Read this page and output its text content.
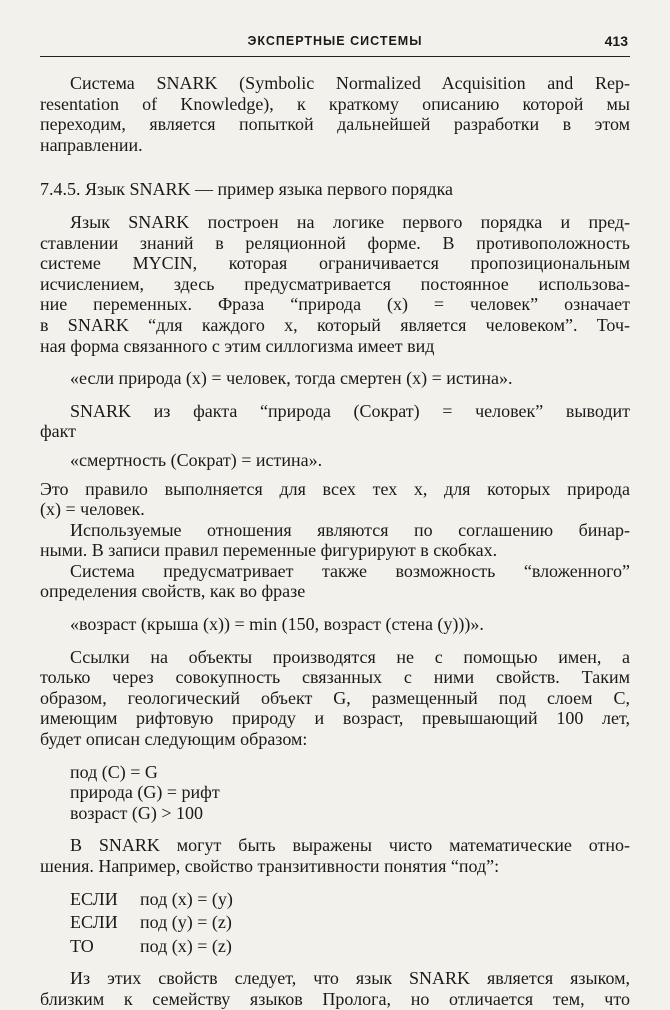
ЭКСПЕРТНЫЕ СИСТЕМЫ	413
Система SNARK (Symbolic Normalized Acquisition and Rep-
resentation of Knowledge), к краткому описанию которой мы
переходим, является попыткой дальнейшей разработки в этом
направлении.
7.4.5. Язык SNARK — пример языка первого порядка
Язык SNARK построен на логике первого порядка и пред-
ставлении знаний в реляционной форме. В противоположность
системе MYCIN, которая ограничивается пропозициональным
исчислением, здесь предусматривается постоянное использова-
ние переменных. Фраза “природа (x) = человек” означает
в SNARK “для каждого x, который является человеком”. Точ-
ная форма связанного с этим силлогизма имеет вид
«если природа (x) = человек, тогда смертен (x) = истина».
SNARK из факта “природа (Сократ) = человек” выводит
факт
«смертность (Сократ) = истина».
Это правило выполняется для всех тех x, для которых природа
(x) = человек.
Используемые отношения являются по соглашению бинар-
ными. В записи правил переменные фигурируют в скобках.
Система предусматривает также возможность “вложенного”
определения свойств, как во фразе
«возраст (крыша (x)) = min (150, возраст (стена (y)))».
Ссылки на объекты производятся не с помощью имен, а
только через совокупность связанных с ними свойств. Таким
образом, геологический объект G, размещенный под слоем C,
имеющим рифтовую природу и возраст, превышающий 100 лет,
будет описан следующим образом:
под (C) = G
природа (G) = рифт
возраст (G) > 100
В SNARK могут быть выражены чисто математические отно-
шения. Например, свойство транзитивности понятия “под”:
ЕСЛИ под (x) = (y)
ЕСЛИ под (y) = (z)
ТО	под (x) = (z)
Из этих свойств следует, что язык SNARK является языком,
близким к семейству языков Пролога, но отличается тем, что
